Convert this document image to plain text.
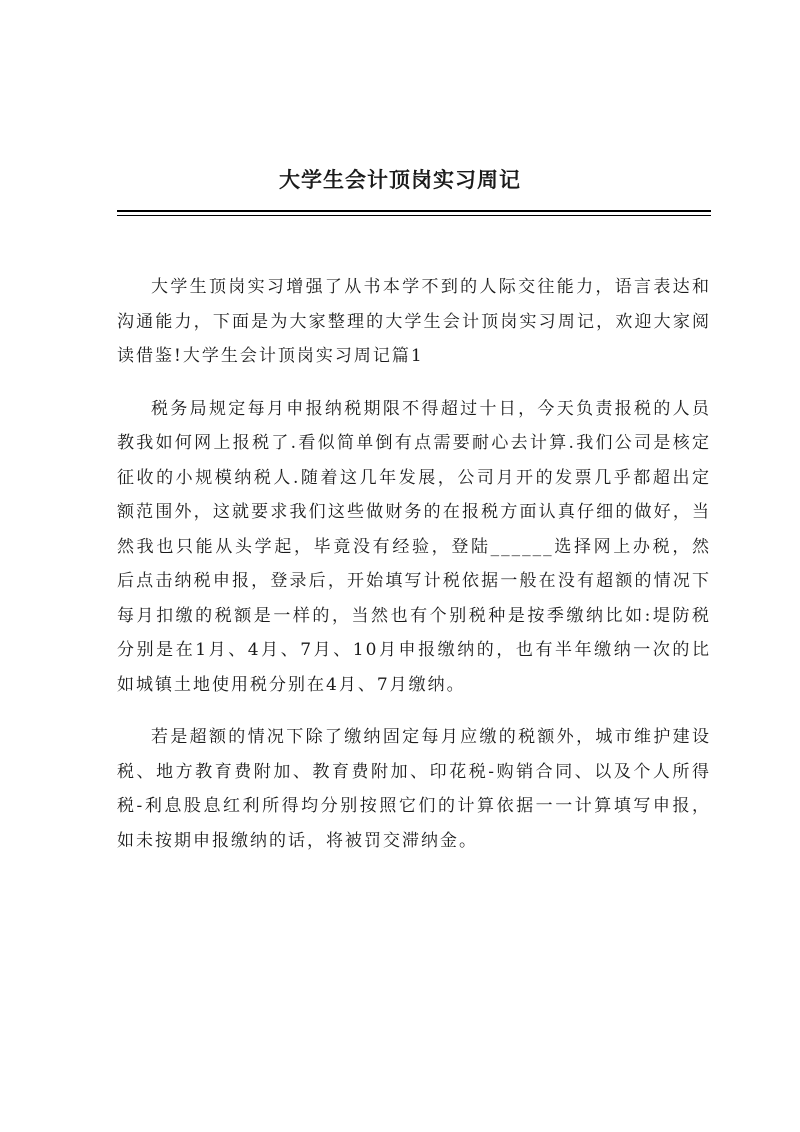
大学生会计顶岗实习周记

大学生顶岗实习增强了从书本学不到的人际交往能力，语言表达和沟通能力，下面是为大家整理的大学生会计顶岗实习周记，欢迎大家阅读借鉴!大学生会计顶岗实习周记篇1

税务局规定每月申报纳税期限不得超过十日，今天负责报税的人员教我如何网上报税了.看似简单倒有点需要耐心去计算.我们公司是核定征收的小规模纳税人.随着这几年发展，公司月开的发票几乎都超出定额范围外，这就要求我们这些做财务的在报税方面认真仔细的做好，当然我也只能从头学起，毕竟没有经验，登陆______选择网上办税，然后点击纳税申报，登录后，开始填写计税依据一般在没有超额的情况下每月扣缴的税额是一样的，当然也有个别税种是按季缴纳比如:堤防税分别是在1月、4月、7月、10月申报缴纳的，也有半年缴纳一次的比如城镇土地使用税分别在4月、7月缴纳。

若是超额的情况下除了缴纳固定每月应缴的税额外，城市维护建设税、地方教育费附加、教育费附加、印花税-购销合同、以及个人所得税-利息股息红利所得均分别按照它们的计算依据一一计算填写申报，如未按期申报缴纳的话，将被罚交滞纳金。
